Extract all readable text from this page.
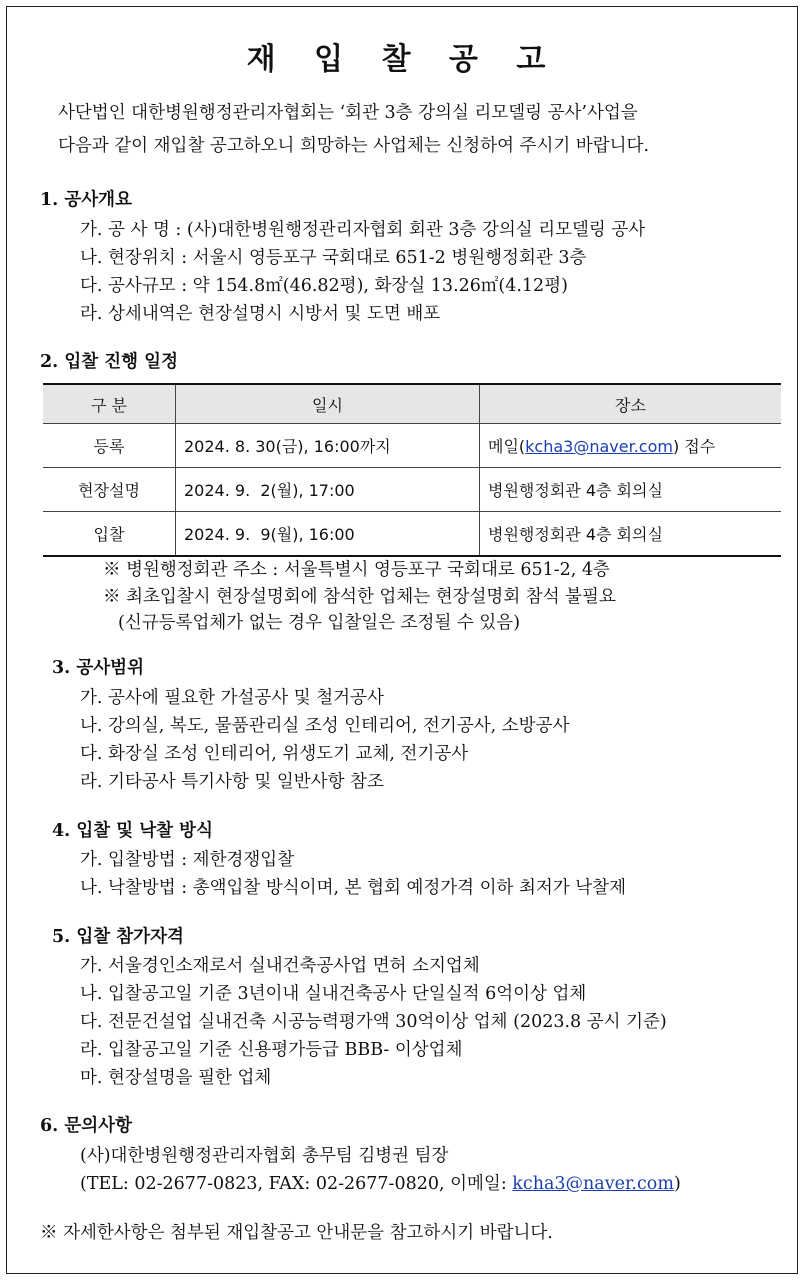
재 입 찰 공 고
사단법인 대한병원행정관리자협회는 ‘회관 3층 강의실 리모델링 공사’사업을
다음과 같이 재입찰 공고하오니 희망하는 사업체는 신청하여 주시기 바랍니다.
1. 공사개요
가. 공 사 명 : (사)대한병원행정관리자협회 회관 3층 강의실 리모델링 공사
나. 현장위치 : 서울시 영등포구 국회대로 651-2 병원행정회관 3층
다. 공사규모 : 약 154.8㎡(46.82평), 화장실 13.26㎡(4.12평)
라. 상세내역은 현장설명시 시방서 및 도면 배포
2. 입찰 진행 일정
구 분	일시	장소
등록	2024. 8. 30(금), 16:00까지	메일(kcha3@naver.com) 접수
현장설명	2024. 9.  2(월), 17:00	병원행정회관 4층 회의실
입찰	2024. 9.  9(월), 16:00	병원행정회관 4층 회의실
※ 병원행정회관 주소 : 서울특별시 영등포구 국회대로 651-2, 4층
※ 최초입찰시 현장설명회에 참석한 업체는 현장설명회 참석 불필요
(신규등록업체가 없는 경우 입찰일은 조정될 수 있음)
3. 공사범위
가. 공사에 필요한 가설공사 및 철거공사
나. 강의실, 복도, 물품관리실 조성 인테리어, 전기공사, 소방공사
다. 화장실 조성 인테리어, 위생도기 교체, 전기공사
라. 기타공사 특기사항 및 일반사항 참조
4. 입찰 및 낙찰 방식
가. 입찰방법 : 제한경쟁입찰
나. 낙찰방법 : 총액입찰 방식이며, 본 협회 예정가격 이하 최저가 낙찰제
5. 입찰 참가자격
가. 서울경인소재로서 실내건축공사업 면허 소지업체
나. 입찰공고일 기준 3년이내 실내건축공사 단일실적 6억이상 업체
다. 전문건설업 실내건축 시공능력평가액 30억이상 업체 (2023.8 공시 기준)
라. 입찰공고일 기준 신용평가등급 BBB- 이상업체
마. 현장설명을 필한 업체
6. 문의사항
(사)대한병원행정관리자협회 총무팀 김병권 팀장
(TEL: 02-2677-0823, FAX: 02-2677-0820, 이메일: kcha3@naver.com)
※ 자세한사항은 첨부된 재입찰공고 안내문을 참고하시기 바랍니다.
